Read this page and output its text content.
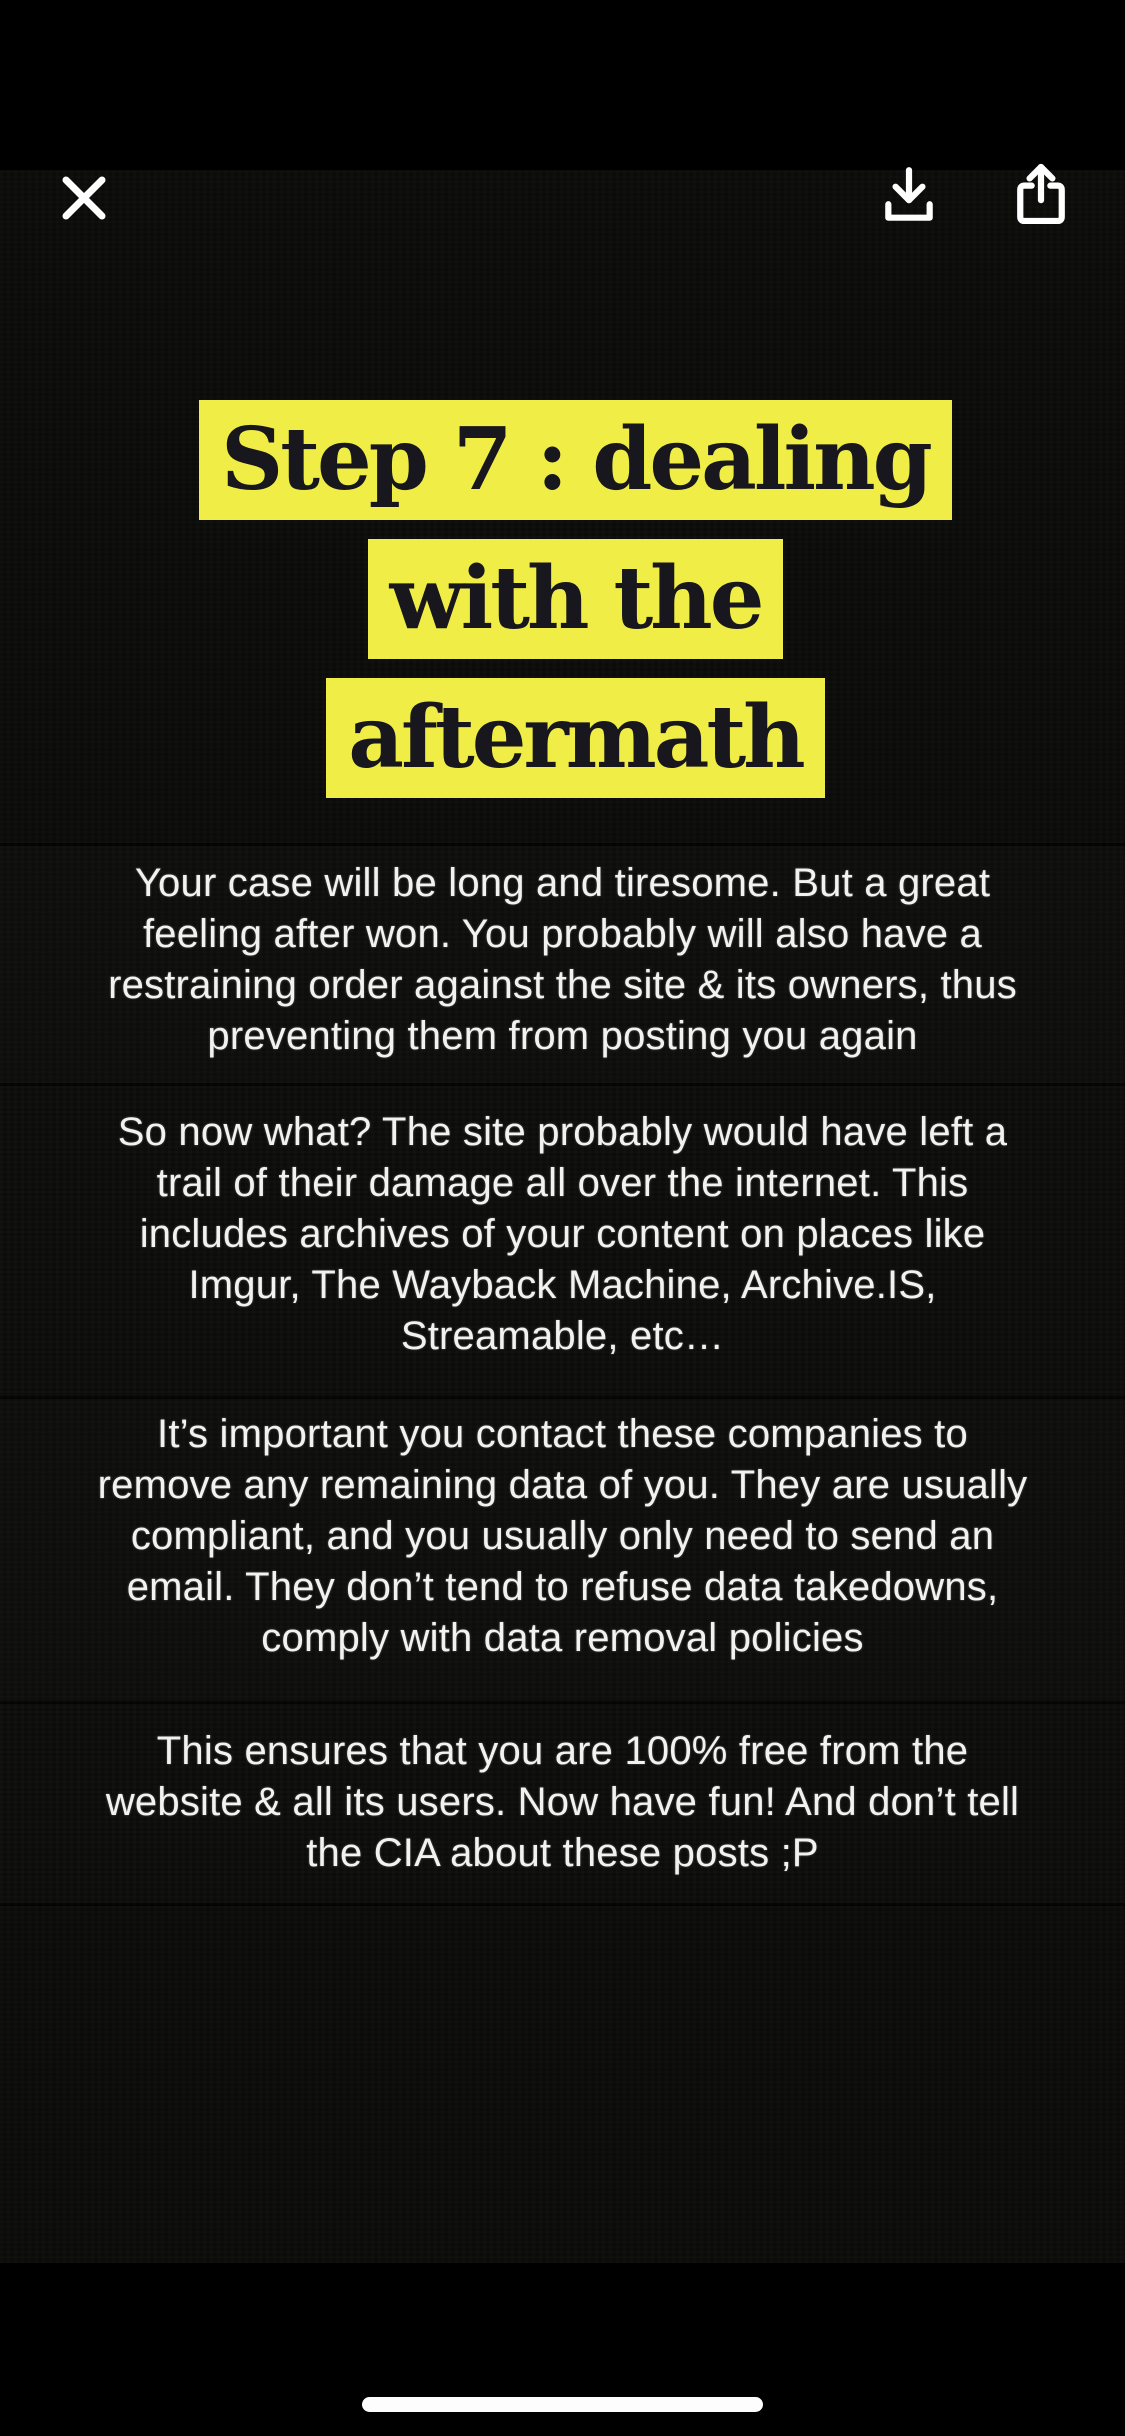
Step 7 : dealing
with the
aftermath
Your case will be long and tiresome. But a great
feeling after won. You probably will also have a
restraining order against the site & its owners, thus
preventing them from posting you again
So now what? The site probably would have left a
trail of their damage all over the internet. This
includes archives of your content on places like
Imgur, The Wayback Machine, Archive.IS,
Streamable, etc…
It’s important you contact these companies to
remove any remaining data of you. They are usually
compliant, and you usually only need to send an
email. They don’t tend to refuse data takedowns,
comply with data removal policies
This ensures that you are 100% free from the
website & all its users. Now have fun! And don’t tell
the CIA about these posts ;P
